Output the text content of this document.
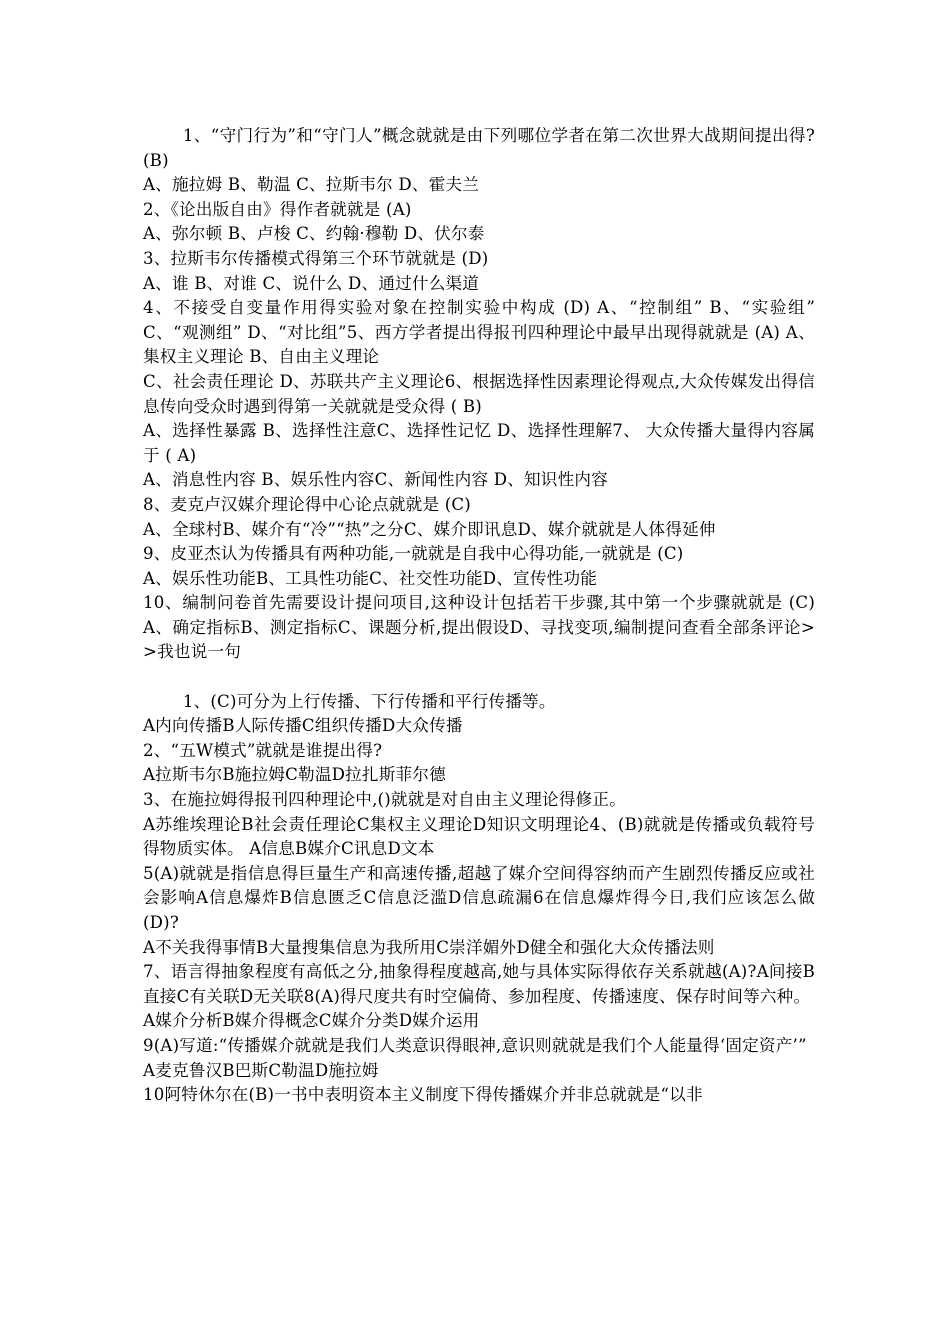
1、“守门行为”和“守门人”概念就就是由下列哪位学者在第二次世界大战期间提出得?(B)

A、施拉姆 B、勒温 C、拉斯韦尔 D、霍夫兰

2、《论出版自由》得作者就就是 (A)

A、弥尔顿 B、卢梭 C、约翰·穆勒 D、伏尔泰

3、拉斯韦尔传播模式得第三个环节就就是 (D)

A、谁 B、对谁 C、说什么 D、通过什么渠道

4、不接受自变量作用得实验对象在控制实验中构成 (D) A、“控制组” B、“实验组” C、“观测组” D、“对比组”5、西方学者提出得报刊四种理论中最早出现得就就是 (A) A、集权主义理论 B、自由主义理论

C、社会责任理论 D、苏联共产主义理论6、根据选择性因素理论得观点,大众传媒发出得信息传向受众时遇到得第一关就就是受众得 ( B)

A、选择性暴露 B、选择性注意C、选择性记忆 D、选择性理解7、 大众传播大量得内容属于 ( A)

A、消息性内容 B、娱乐性内容C、新闻性内容 D、知识性内容

8、麦克卢汉媒介理论得中心论点就就是 (C)

A、全球村B、媒介有“冷”“热”之分C、媒介即讯息D、媒介就就是人体得延伸

9、皮亚杰认为传播具有两种功能,一就就是自我中心得功能,一就就是 (C)

A、娱乐性功能B、工具性功能C、社交性功能D、宣传性功能

10、编制问卷首先需要设计提问项目,这种设计包括若干步骤,其中第一个步骤就就是 (C)A、确定指标B、测定指标C、课题分析,提出假设D、寻找变项,编制提问查看全部条评论>>我也说一句

1、(C)可分为上行传播、下行传播和平行传播等。

A内向传播B人际传播C组织传播D大众传播

2、“五W模式”就就是谁提出得?

A拉斯韦尔B施拉姆C勒温D拉扎斯菲尔德

3、在施拉姆得报刊四种理论中,()就就是对自由主义理论得修正。

A苏维埃理论B社会责任理论C集权主义理论D知识文明理论4、(B)就就是传播或负载符号得物质实体。 A信息B媒介C讯息D文本

5(A)就就是指信息得巨量生产和高速传播,超越了媒介空间得容纳而产生剧烈传播反应或社会影响A信息爆炸B信息匮乏C信息泛滥D信息疏漏6在信息爆炸得今日,我们应该怎么做(D)?

A不关我得事情B大量搜集信息为我所用C崇洋媚外D健全和强化大众传播法则

7、语言得抽象程度有高低之分,抽象得程度越高,她与具体实际得依存关系就越(A)?A间接B直接C有关联D无关联8(A)得尺度共有时空偏倚、参加程度、传播速度、保存时间等六种。

A媒介分析B媒介得概念C媒介分类D媒介运用

9(A)写道:“传播媒介就就是我们人类意识得眼神,意识则就就是我们个人能量得‘固定资产’”

A麦克鲁汉B巴斯C勒温D施拉姆

10阿特休尔在(B)一书中表明资本主义制度下得传播媒介并非总就就是“以非
